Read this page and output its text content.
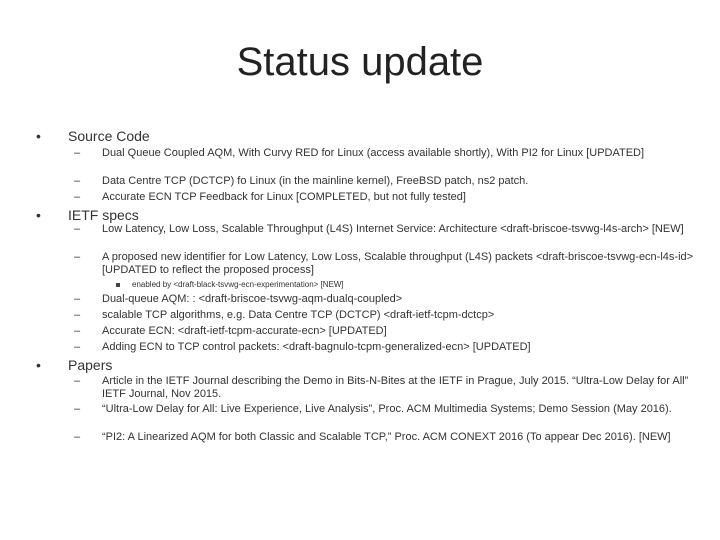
Status update
•	Source Code
–	Dual Queue Coupled AQM, With Curvy RED for Linux (access available shortly), With PI2 for Linux [UPDATED]
–	Data Centre TCP (DCTCP) fo Linux (in the mainline kernel), FreeBSD patch, ns2 patch.
–	Accurate ECN TCP Feedback for Linux [COMPLETED, but not fully tested]
•	IETF specs
–	Low Latency, Low Loss, Scalable Throughput (L4S) Internet Service: Architecture <draft-briscoe-tsvwg-l4s-arch> [NEW]
–	A proposed new identifier for Low Latency, Low Loss, Scalable throughput (L4S) packets <draft-briscoe-tsvwg-ecn-l4s-id> [UPDATED to reflect the proposed process]
enabled by <draft-black-tsvwg-ecn-experimentation> [NEW]
–	Dual-queue AQM: : <draft-briscoe-tsvwg-aqm-dualq-coupled>
–	scalable TCP algorithms, e.g. Data Centre TCP (DCTCP) <draft-ietf-tcpm-dctcp>
–	Accurate ECN: <draft-ietf-tcpm-accurate-ecn> [UPDATED]
–	Adding ECN to TCP control packets: <draft-bagnulo-tcpm-generalized-ecn> [UPDATED]
•	Papers
–	Article in the IETF Journal describing the Demo in Bits-N-Bites at the IETF in Prague, July 2015. “Ultra-Low Delay for All” IETF Journal, Nov 2015.
–	“Ultra-Low Delay for All: Live Experience, Live Analysis”, Proc. ACM Multimedia Systems; Demo Session (May 2016).
–	“PI2: A Linearized AQM for both Classic and Scalable TCP,” Proc. ACM CONEXT 2016 (To appear Dec 2016). [NEW]
